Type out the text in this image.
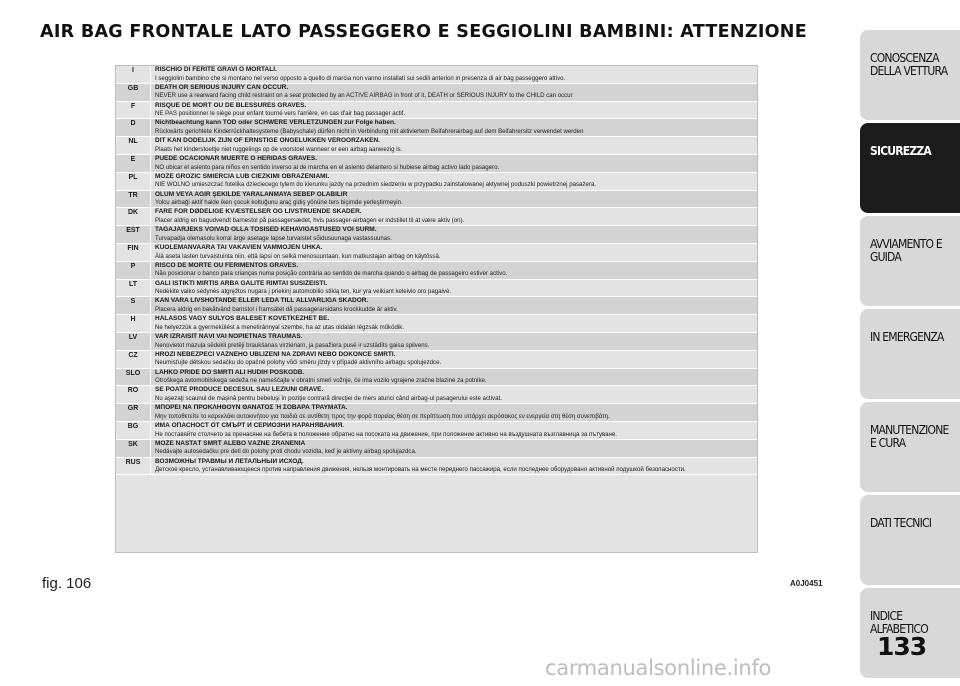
AIR BAG FRONTALE LATO PASSEGGERO E SEGGIOLINI BAMBINI: ATTENZIONE
I	RISCHIO DI FERITE GRAVI O MORTALI.
I seggiolini bambino che si montano nel verso opposto a quello di marcia non vanno installati sui sedili anteriori in presenza di air bag passeggero attivo.

GB	DEATH OR SERIOUS INJURY CAN OCCUR.
NEVER use a rearward facing child restraint on a seat protected by an ACTIVE AIRBAG in front of it, DEATH or SERIOUS INJURY to the CHILD can occur

F	RISQUE DE MORT OU DE BLESSURES GRAVES.
NE PAS positionner le siège pour enfant tourné vers l'arrière, en cas d'air bag passager actif.

D	Nichtbeachtung kann TOD oder SCHWERE VERLETZUNGEN zur Folge haben.
Rückwärts gerichtete Kinderrückhaltesysteme (Babyschale) dürfen nicht in Verbindung mit aktiviertem Beifahrerairbag auf dem Beifahrersitz verwendet werden

NL	DIT KAN DODELIJK ZIJN OF ERNSTIGE ONGELUKKEN VEROORZAKEN.
Plaats het kinderstoeltje niet ruggelings op de voorstoel wanneer er een airbag aanwezig is.

E	PUEDE OCACIONAR MUERTE O HERIDAS GRAVES.
NO ubicar el asiento para niños en sentido inverso al de marcha en el asiento delantero si hubiese airbag activo lado pasagero.

PL	MOŻE GROZIĆ ŚMIERCIA LUB CIEŻKIMI OBRAŻENIAMI.
NIE WOLNO umieszczać fotelika dzieciecego tylem do kierunku jazdy na przednim siedzeniu w przypadku zainstalowanej aktywnej poduszki powietrznej pasażera.

TR	ÖLÜM VEYA AĞIR ŞEKİLDE YARALANMAYA SEBEP OLABİLİR
Yolcu airbaği aktif halde iken çocuk koltuğunu araç gidiş yönüne ters biçimde yerleştirmeyin.

DK	FARE FOR DØDELIGE KVÆSTELSER OG LIVSTRUENDE SKADER.
Placer aldrig en bagudvendt barnestol på passagersædet, hvis passager-airbagen er indstillet til at være aktiv (on).

EST	TAGAJÄRJEKS VÕIVAD OLLA TÕSISED KEHAVIGASTUSED VÕI SURM.
Turvapadja olemasolu korral ärge asetage lapse turvaistet sõidusuunaga vastassuunas.

FIN	KUOLEMANVAARA TAI VAKAVIEN VAMMOJEN UHKA.
Älä aseta lasten turvaistuinta niin, että lapsi on selkä menosuuntaan, kun matkustajan airbag on käytössä.

P	RISCO DE MORTE OU FERIMENTOS GRAVES.
Não posicionar o banco para crianças numa posição contrária ao sentido de marcha quando o airbag de passageiro estiver activo.

LT	GALI IŠTIKTI MIRTIS ARBA GALITE RIMTAI SUSIŽEISTI.
Nedėkite vaiko sėdynės atgręžtos nugara į priekinį automobilio stiklą ten, kur yra veikiant keleivio oro pagalvė.

S	KAN VARA LIVSHOTANDE ELLER LEDA TILL ALLVARLIGA SKADOR.
Placera aldrig en bakåtvänd barnstol i framsätet då passagerarsidans krockkudde är aktiv.

H	HALÁSOS VAGY SÚLYOS BALESET KÖVETKEZHET BE.
Ne helyezzük a gyermekülést a menetiránnyal szembe, ha az utas oldalán légzsák működik.

LV	VAR IZRAISĪT NĀVI VAI NOPIETNAS TRAUMAS.
Nenovietot mazuļa sēdekli pretēji braukšanas virzienam, ja pasažiera pusē ir uzstādīts gaisa spilvens.

CZ	HROZÍ NEBEZPEČÍ VÁŽNÉHO UBLÍŽENÍ NA ZDRAVÍ NEBO DOKONCE SMRTI.
Neumisťujte dětskou sedačku do opačné polohy vůči směru jízdy v případě aktivního airbagu spolujezdce.

SLO	LAHKO PRIDE DO SMRTI ALI HUDIH POŠKODB.
Otroškega avtomobilskega sedeža ne nameščajte v obratni smeri vožnje, če ima vozilo vgrajene zračne blazine za potnike.

RO	SE POATE PRODUCE DECESUL SAU LEZIUNI GRAVE.
Nu aşezaţi scaunul de maşină pentru bebeluşi în poziţie contrară direcţiei de mers atunci când airbag-ul pasagerului este activat.

GR	ΜΠΟΡΕΙ ΝΑ ΠΡΟΚΛΗΘΟΥΝ ΘΑΝΑΤΟΣ Ή ΣΟΒΑΡΑ ΤΡΑΥΜΑΤΑ.
Μην τοποθετείτε το καρεκλάκι αυτοκινήτου για παιδιά σε αντίθετη προς την φορά πορείας θέση σε περίπτωση που υπάρχει αερόσακος εν ενεργεία στη θέση συνεπιβάτη.

BG	ИМА ОПАСНОСТ ОТ СМЪРТ И СЕРИОЗНИ НАРАНЯВАНИЯ.
Не поставяйте столчето за пренасяне на бебета в положение обратно на посоката на движение, при положение активно на въздушната възглавница за пътуване.

SK	MÔŽE NASTAŤ SMRŤ ALEBO VÁŽNE ZRANENIA
Nedávajte autosedačku pre deti do polohy proti chodu vozidla, keď je aktívny airbag spolujazdca.

RUS	ВОЗМОЖНЫ ТРАВМЫ И ЛЕТАЛЬНЫЙ ИСХОД.
Детское кресло, устанавливающееся против направления движения, нельзя монтировать на месте переднего пассажира, если последнее оборудовано активной подушкой безопасности.
fig. 106	A0J0451
CONOSCENZA DELLA VETTURA
SICUREZZA
AVVIAMENTO E GUIDA
IN EMERGENZA
MANUTENZIONE E CURA
DATI TECNICI
INDICE ALFABETICO
133
carmanualsonline.info
